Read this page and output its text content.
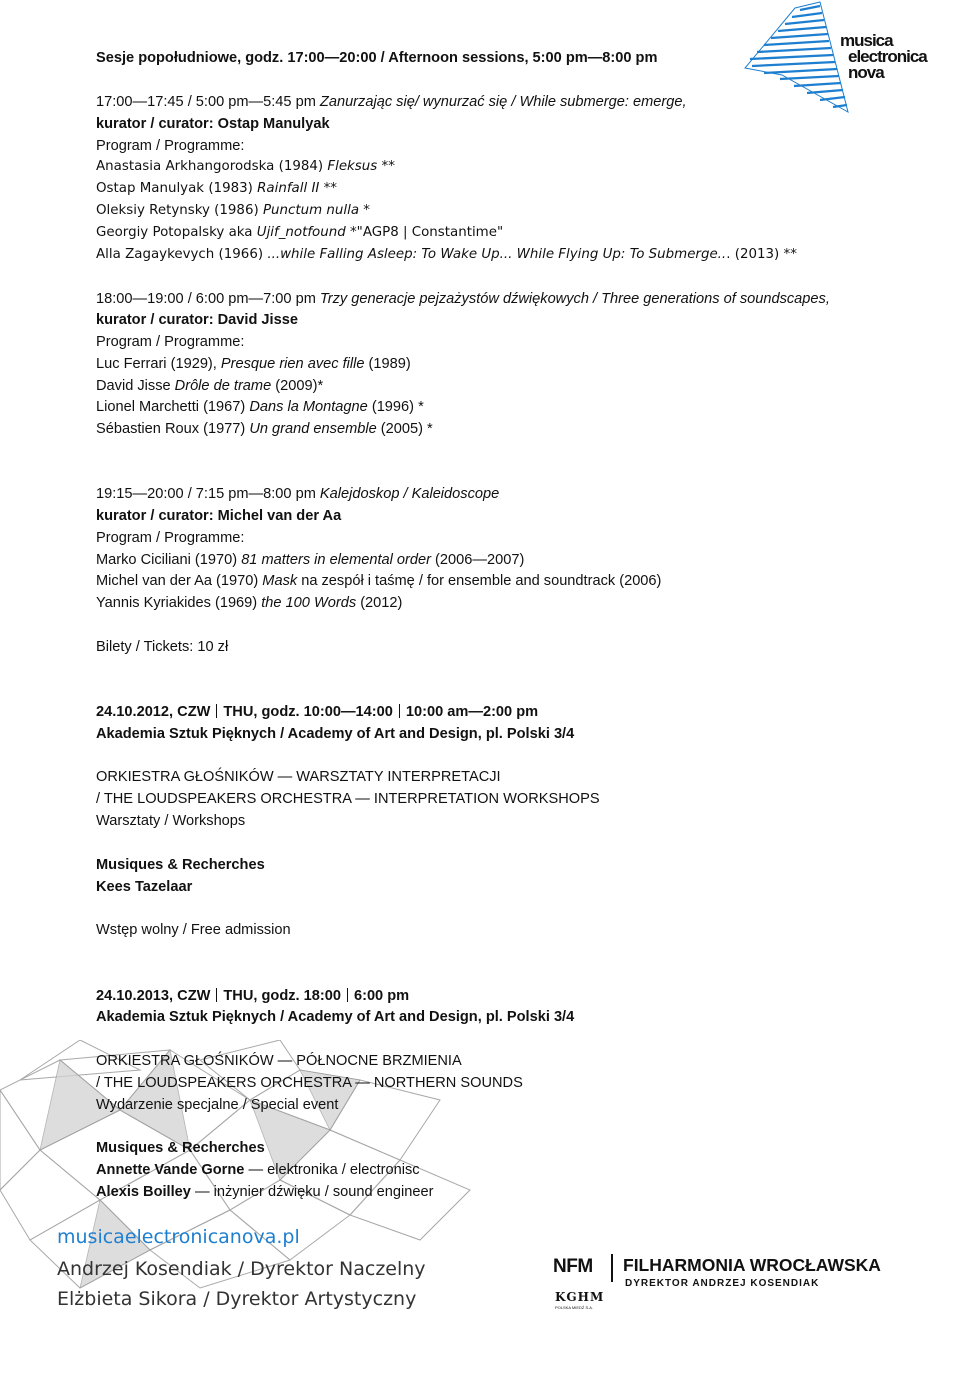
musica
electronica
nova
Sesje popołudniowe, godz. 17:00—20:00 / Afternoon sessions, 5:00 pm—8:00 pm
17:00—17:45 / 5:00 pm—5:45 pm Zanurzając się/ wynurzać się / While submerge: emerge,
kurator / curator: Ostap Manulyak
Program / Programme:
Anastasia Arkhangorodska (1984) Fleksus **
Ostap Manulyak (1983) Rainfall II **
Oleksiy Retynsky (1986) Punctum nulla *
Georgiy Potopalsky aka Ujif_notfound *"AGP8 | Constantime"
Alla Zagaykevych (1966) ...while Falling Asleep: To Wake Up... While Flying Up: To Submerge... (2013) **
18:00—19:00 / 6:00 pm—7:00 pm Trzy generacje pejzażystów dźwiękowych / Three generations of soundscapes,
kurator / curator: David Jisse
Program / Programme:
Luc Ferrari (1929), Presque rien avec fille (1989)
David Jisse Drôle de trame (2009)*
Lionel Marchetti (1967) Dans la Montagne (1996) *
Sébastien Roux (1977) Un grand ensemble (2005) *
19:15—20:00 / 7:15 pm—8:00 pm Kalejdoskop / Kaleidoscope
kurator / curator: Michel van der Aa
Program / Programme:
Marko Ciciliani (1970) 81 matters in elemental order (2006—2007)
Michel van der Aa (1970) Mask na zespół i taśmę / for ensemble and soundtrack (2006)
Yannis Kyriakides (1969) the 100 Words (2012)
Bilety / Tickets: 10 zł
24.10.2012, CZW THU, godz. 10:00—14:00 10:00 am—2:00 pm
Akademia Sztuk Pięknych / Academy of Art and Design, pl. Polski 3/4
ORKIESTRA GŁOŚNIKÓW — WARSZTATY INTERPRETACJI
/ THE LOUDSPEAKERS ORCHESTRA — INTERPRETATION WORKSHOPS
Warsztaty / Workshops
Musiques & Recherches
Kees Tazelaar
Wstęp wolny / Free admission
24.10.2013, CZW THU, godz. 18:00 6:00 pm
Akademia Sztuk Pięknych / Academy of Art and Design, pl. Polski 3/4
ORKIESTRA GŁOŚNIKÓW — PÓŁNOCNE BRZMIENIA
/ THE LOUDSPEAKERS ORCHESTRA — NORTHERN SOUNDS
Wydarzenie specjalne / Special event
Musiques & Recherches
Annette Vande Gorne — elektronika / electronisc
Alexis Boilley — inżynier dźwięku / sound engineer
musicaelectronicanova.pl
Andrzej Kosendiak / Dyrektor Naczelny
Elżbieta Sikora / Dyrektor Artystyczny
NFM FILHARMONIA WROCŁAWSKA
DYREKTOR ANDRZEJ KOSENDIAK
KGHM
POLSKA MIEDŹ S.A.
